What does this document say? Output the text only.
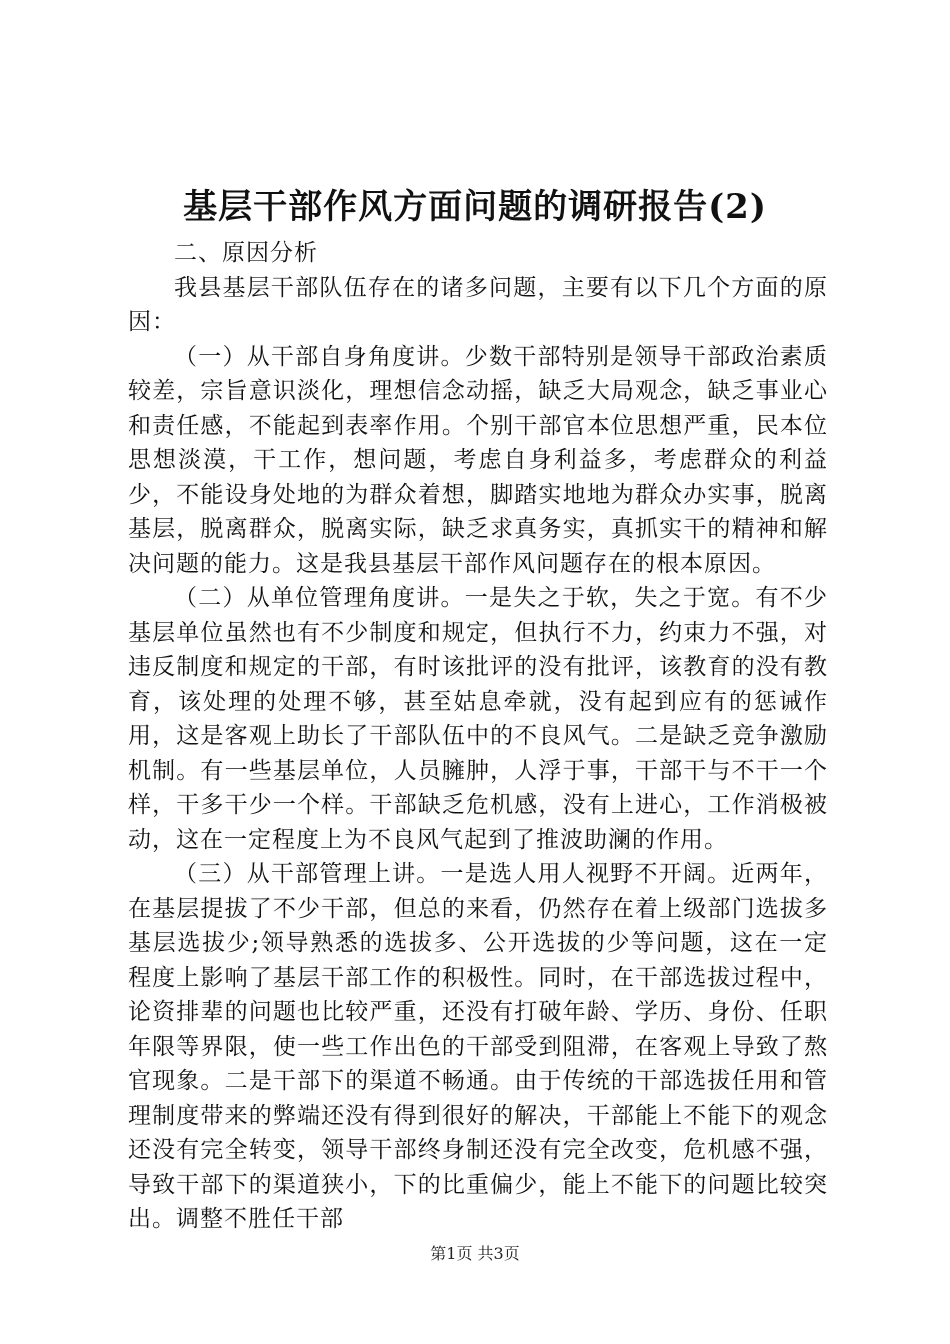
基层干部作风方面问题的调研报告(2)

二、原因分析

我县基层干部队伍存在的诸多问题，主要有以下几个方面的原因：

（一）从干部自身角度讲。少数干部特别是领导干部政治素质较差，宗旨意识淡化，理想信念动摇，缺乏大局观念，缺乏事业心和责任感，不能起到表率作用。个别干部官本位思想严重，民本位思想淡漠，干工作，想问题，考虑自身利益多，考虑群众的利益少，不能设身处地的为群众着想，脚踏实地地为群众办实事，脱离基层，脱离群众，脱离实际，缺乏求真务实，真抓实干的精神和解决问题的能力。这是我县基层干部作风问题存在的根本原因。

（二）从单位管理角度讲。一是失之于软，失之于宽。有不少基层单位虽然也有不少制度和规定，但执行不力，约束力不强，对违反制度和规定的干部，有时该批评的没有批评，该教育的没有教育，该处理的处理不够，甚至姑息牵就，没有起到应有的惩诫作用，这是客观上助长了干部队伍中的不良风气。二是缺乏竞争激励机制。有一些基层单位，人员臃肿，人浮于事，干部干与不干一个样，干多干少一个样。干部缺乏危机感，没有上进心，工作消极被动，这在一定程度上为不良风气起到了推波助澜的作用。

（三）从干部管理上讲。一是选人用人视野不开阔。近两年，在基层提拔了不少干部，但总的来看，仍然存在着上级部门选拔多基层选拔少;领导熟悉的选拔多、公开选拔的少等问题，这在一定程度上影响了基层干部工作的积极性。同时，在干部选拔过程中，论资排辈的问题也比较严重，还没有打破年龄、学历、身份、任职年限等界限，使一些工作出色的干部受到阻滞，在客观上导致了熬官现象。二是干部下的渠道不畅通。由于传统的干部选拔任用和管理制度带来的弊端还没有得到很好的解决，干部能上不能下的观念还没有完全转变，领导干部终身制还没有完全改变，危机感不强，导致干部下的渠道狭小，下的比重偏少，能上不能下的问题比较突出。调整不胜任干部

第1页 共3页
